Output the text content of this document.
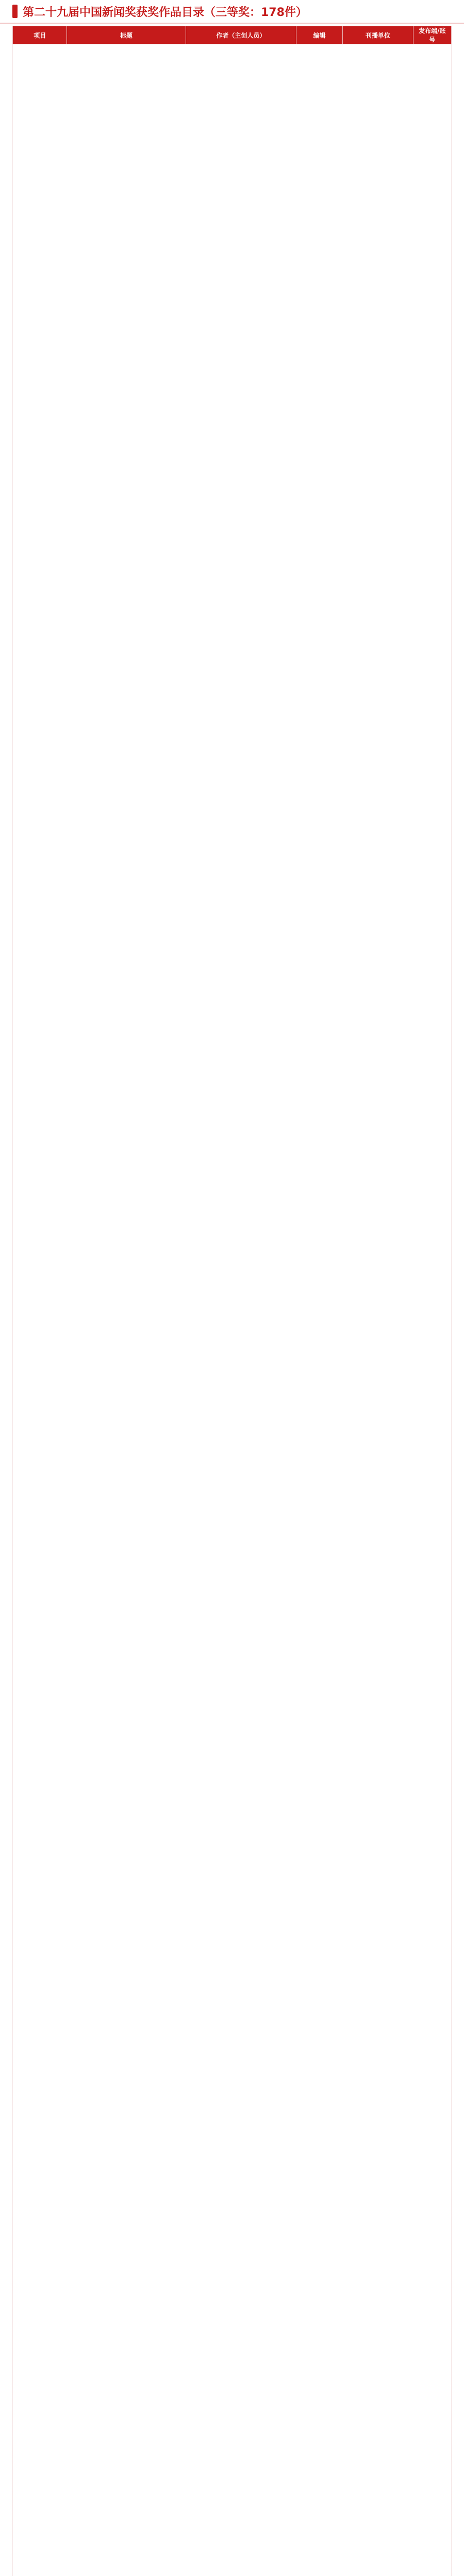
第二十九届中国新闻奖获奖作品目录（三等奖：178件）
项目	标题	作者（主创人员）	编辑	刊播单位	发布端/账号
